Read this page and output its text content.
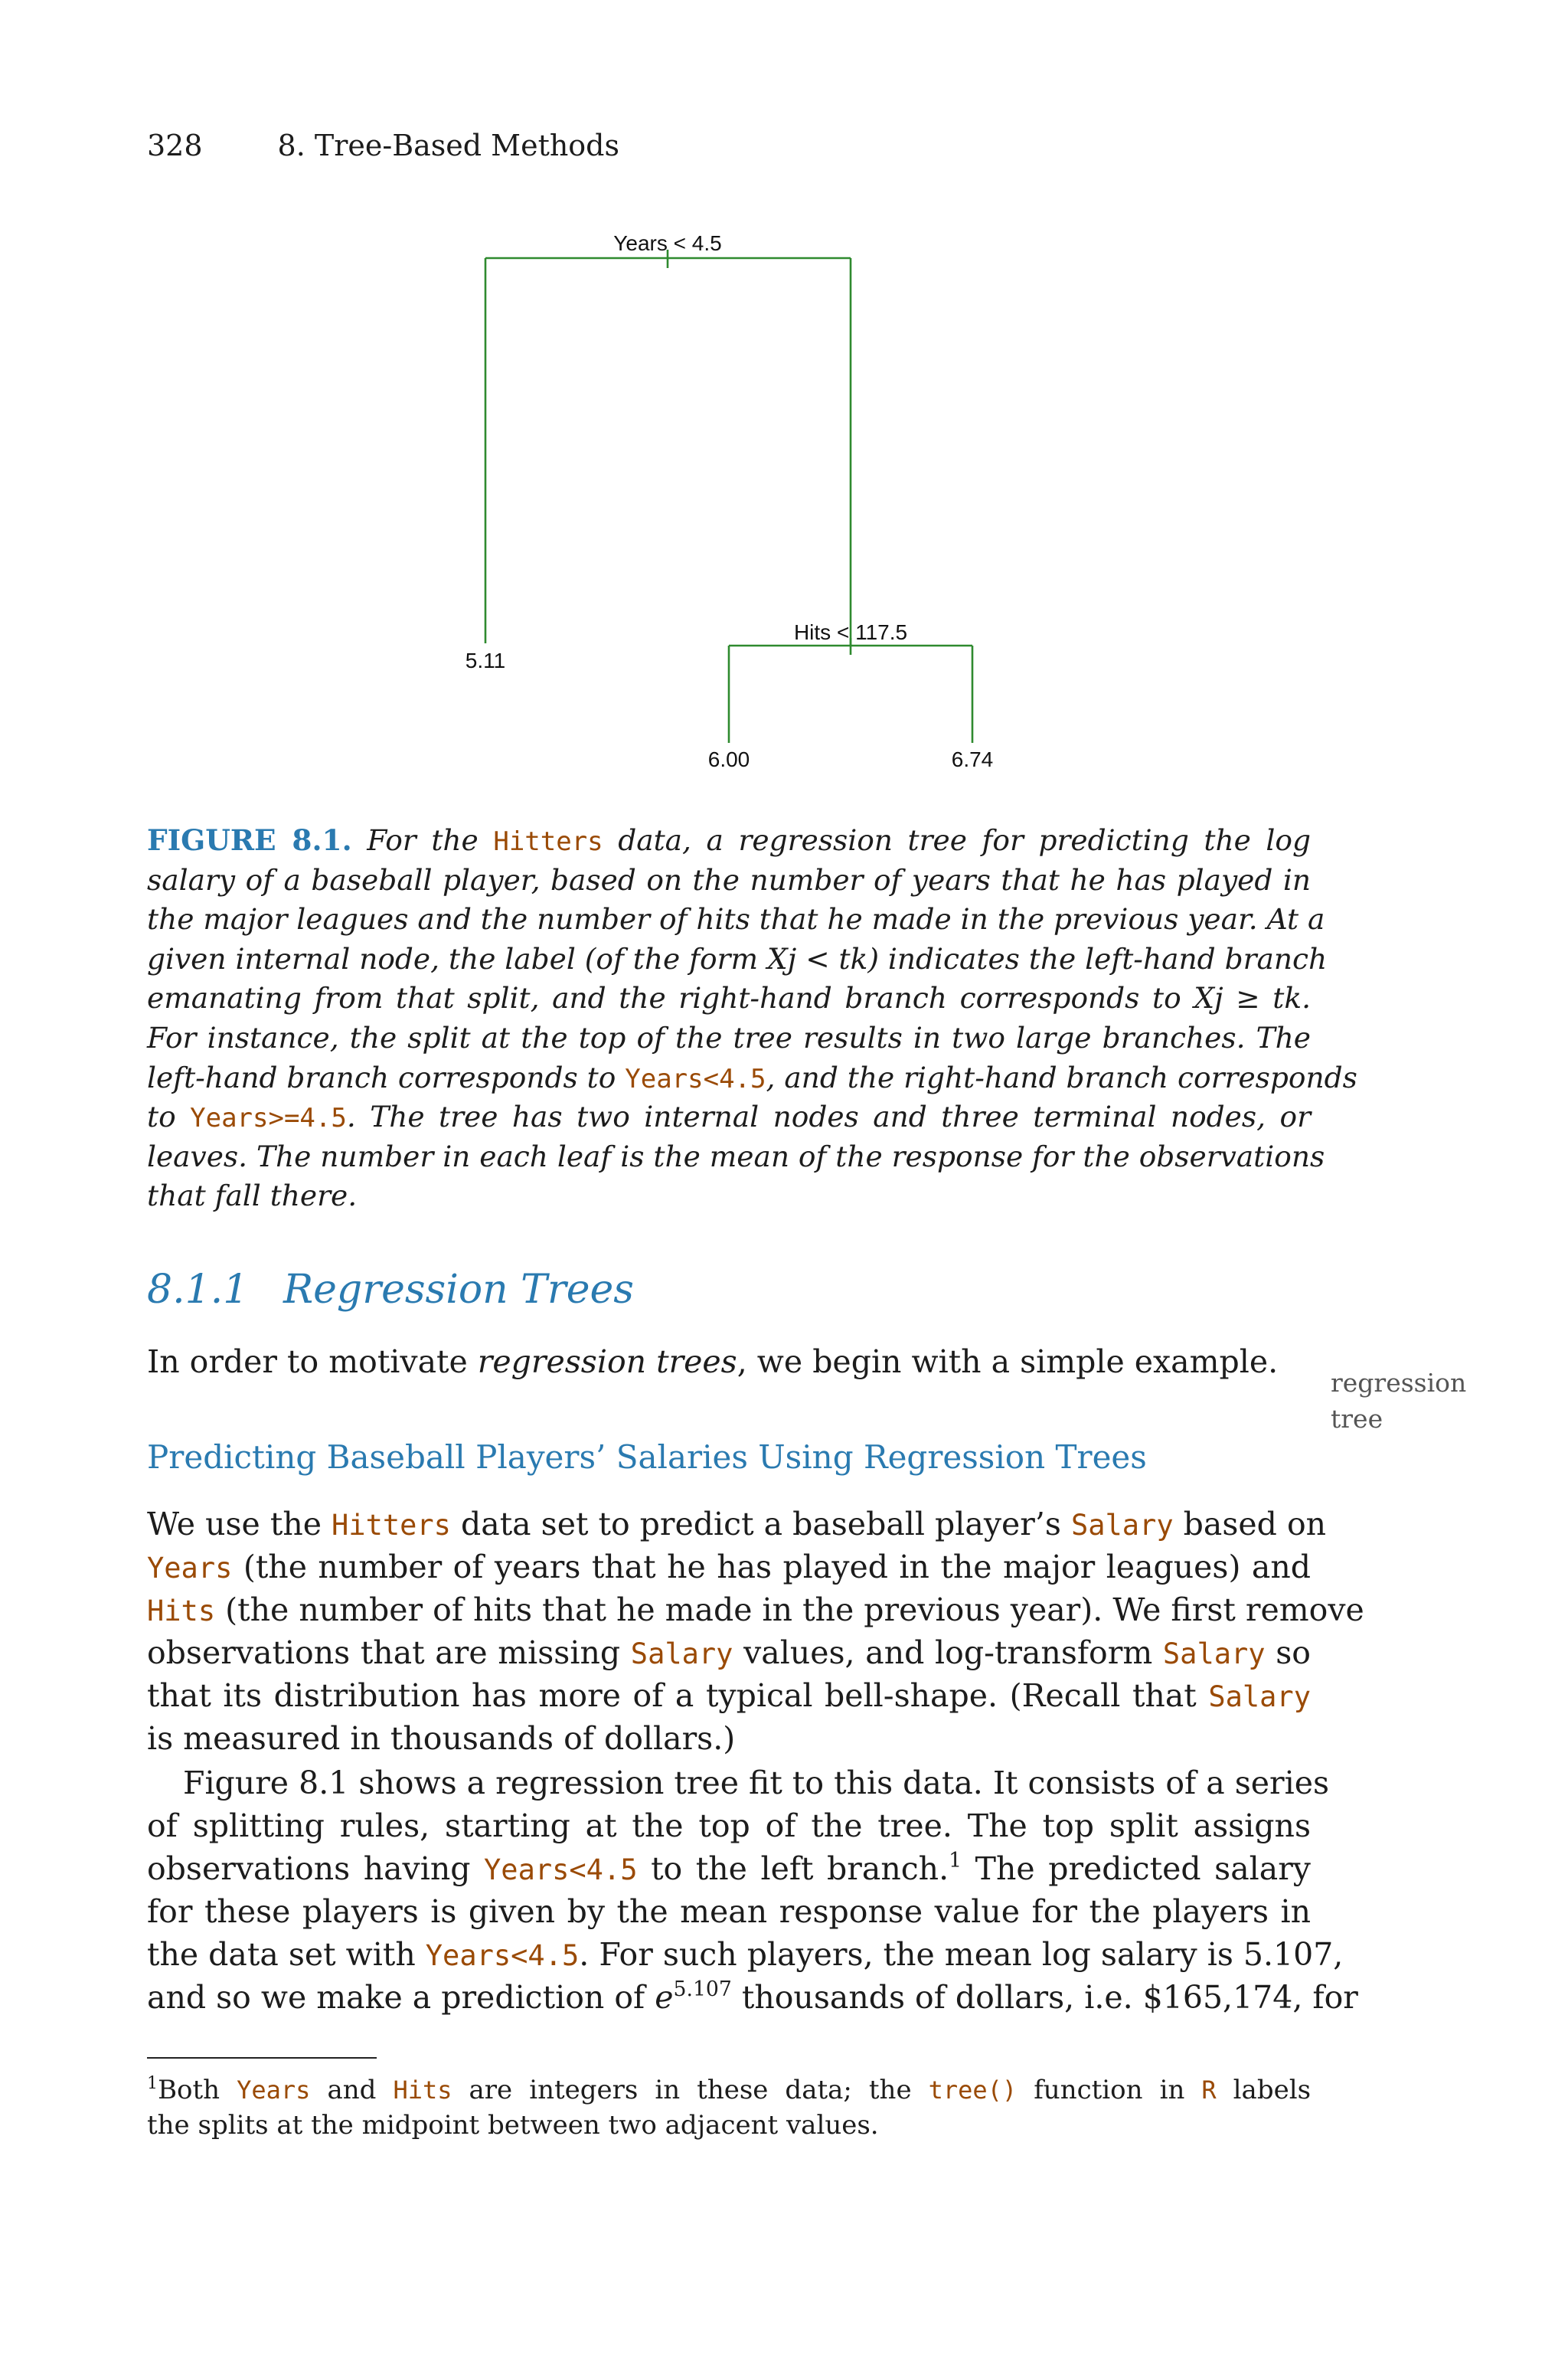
328	8. Tree-Based Methods
Years < 4.5
Hits < 117.5
5.11
6.00	6.74
FIGURE 8.1. For the Hitters data, a regression tree for predicting the log
salary of a baseball player, based on the number of years that he has played in
the major leagues and the number of hits that he made in the previous year. At a
given internal node, the label (of the form Xj < tk) indicates the left-hand branch
emanating from that split, and the right-hand branch corresponds to Xj ≥ tk.
For instance, the split at the top of the tree results in two large branches. The
left-hand branch corresponds to Years<4.5, and the right-hand branch corresponds
to Years>=4.5. The tree has two internal nodes and three terminal nodes, or
leaves. The number in each leaf is the mean of the response for the observations
that fall there.
8.1.1 Regression Trees
In order to motivate regression trees, we begin with a simple example.
regression
tree
Predicting Baseball Players’ Salaries Using Regression Trees
We use the Hitters data set to predict a baseball player’s Salary based on
Years (the number of years that he has played in the major leagues) and
Hits (the number of hits that he made in the previous year). We first remove
observations that are missing Salary values, and log-transform Salary so
that its distribution has more of a typical bell-shape. (Recall that Salary
is measured in thousands of dollars.)
Figure 8.1 shows a regression tree fit to this data. It consists of a series
of splitting rules, starting at the top of the tree. The top split assigns
observations having Years<4.5 to the left branch.$^1$ The predicted salary
for these players is given by the mean response value for the players in
the data set with Years<4.5. For such players, the mean log salary is 5.107,
and so we make a prediction of $e^{5.107}$ thousands of dollars, i.e. $165,174, for
$^1$Both Years and Hits are integers in these data; the tree() function in R labels
the splits at the midpoint between two adjacent values.
